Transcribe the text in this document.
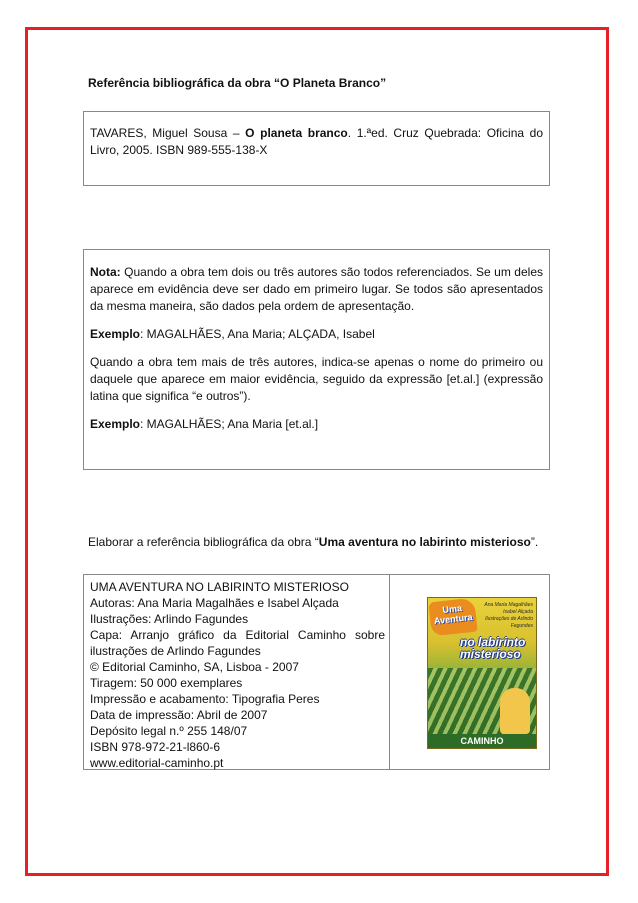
Referência bibliográfica da obra “O Planeta Branco”
TAVARES, Miguel Sousa – O planeta branco. 1.ªed. Cruz Quebrada: Oficina do Livro, 2005. ISBN 989-555-138-X

Nota: Quando a obra tem dois ou três autores são todos referenciados. Se um deles aparece em evidência deve ser dado em primeiro lugar. Se todos são apresentados da mesma maneira, são dados pela ordem de apresentação.

Exemplo: MAGALHÃES, Ana Maria; ALÇADA, Isabel

Quando a obra tem mais de três autores, indica-se apenas o nome do primeiro ou daquele que aparece em maior evidência, seguido da expressão [et.al.] (expressão latina que significa “e outros”).

Exemplo: MAGALHÃES; Ana Maria [et.al.]

Elaborar a referência bibliográfica da obra “Uma aventura no labirinto misterioso”.
UMA AVENTURA NO LABIRINTO MISTERIOSO
Autoras: Ana Maria Magalhães e Isabel Alçada
Ilustrações: Arlindo Fagundes
Capa: Arranjo gráfico da Editorial Caminho sobre ilustrações de Arlindo Fagundes
© Editorial Caminho, SA, Lisboa - 2007
Tiragem: 50 000 exemplares
Impressão e acabamento: Tipografia Peres
Data de impressão: Abril de 2007
Depósito legal n.º 255 148/07
ISBN 978-972-21-l860-6
www.editorial-caminho.pt
Uma Aventura
Ana Maria Magalhães Isabel Alçada Ilustrações de Arlindo Fagundes
no labirinto misterioso
CAMINHO
